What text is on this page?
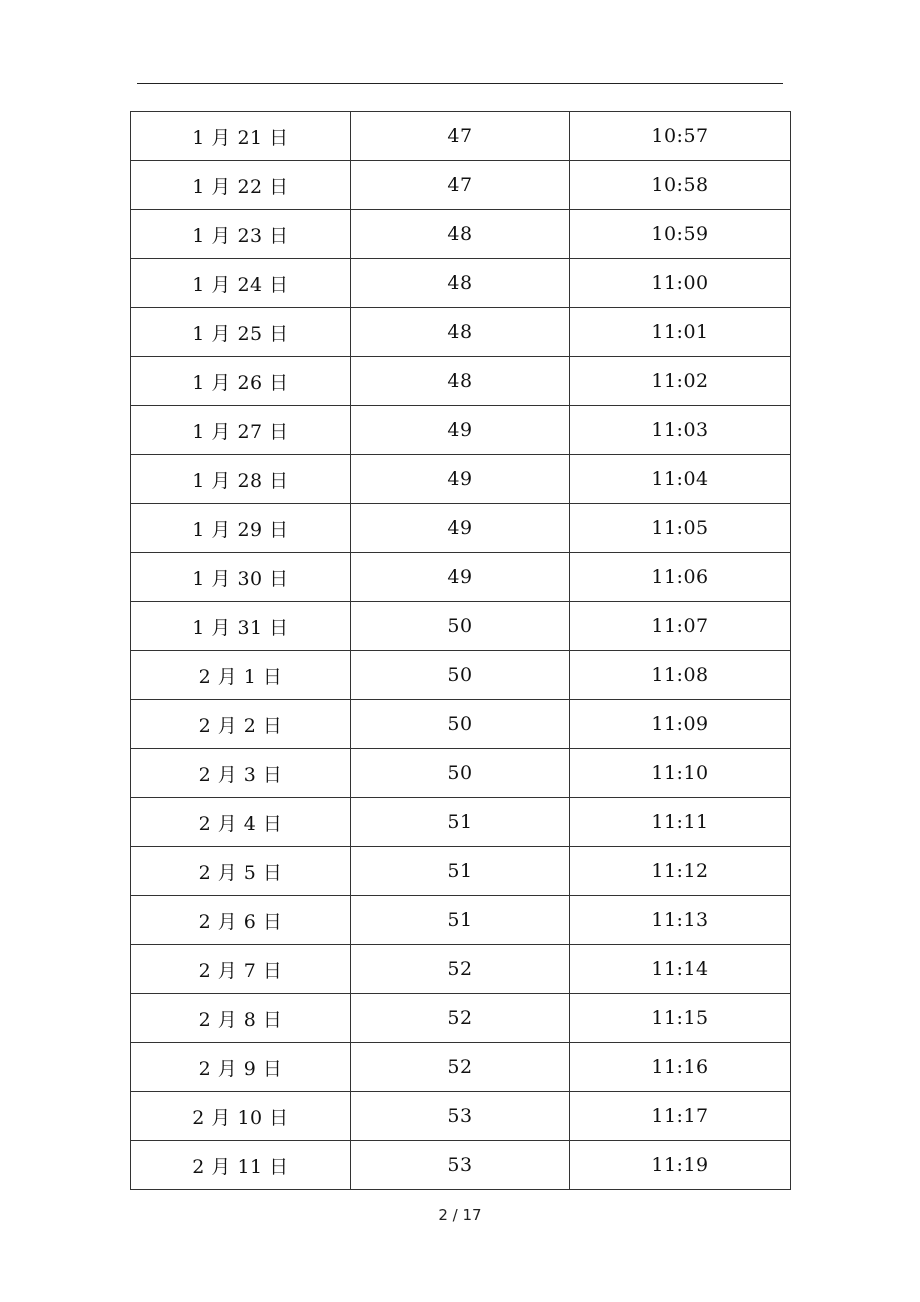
1 月 21 日	47	10:57
1 月 22 日	47	10:58
1 月 23 日	48	10:59
1 月 24 日	48	11:00
1 月 25 日	48	11:01
1 月 26 日	48	11:02
1 月 27 日	49	11:03
1 月 28 日	49	11:04
1 月 29 日	49	11:05
1 月 30 日	49	11:06
1 月 31 日	50	11:07
2 月 1 日	50	11:08
2 月 2 日	50	11:09
2 月 3 日	50	11:10
2 月 4 日	51	11:11
2 月 5 日	51	11:12
2 月 6 日	51	11:13
2 月 7 日	52	11:14
2 月 8 日	52	11:15
2 月 9 日	52	11:16
2 月 10 日	53	11:17
2 月 11 日	53	11:19
2 / 17
